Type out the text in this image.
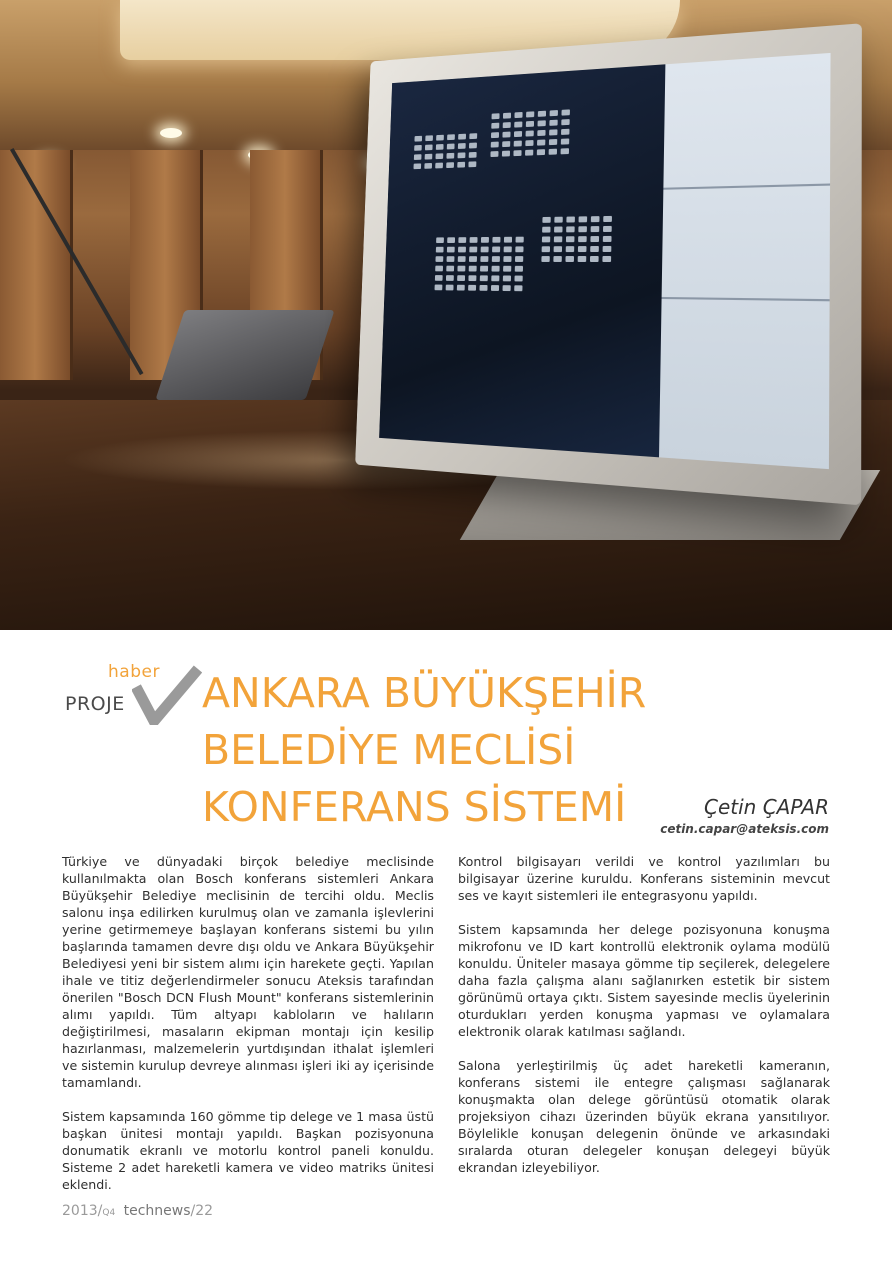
haber
PROJE ANKARA BÜYÜKŞEHİR
BELEDİYE MECLİSİ
KONFERANS SİSTEMİ	Çetin ÇAPAR
cetin.capar@ateksis.com

Türkiye ve dünyadaki birçok belediye meclisinde kullanılmakta olan Bosch konferans sistemleri Ankara Büyükşehir Belediye meclisinin de tercihi oldu. Meclis salonu inşa edilirken kurulmuş olan ve zamanla işlevlerini yerine getirmemeye başlayan konferans sistemi bu yılın başlarında tamamen devre dışı oldu ve Ankara Büyükşehir Belediyesi yeni bir sistem alımı için harekete geçti. Yapılan ihale ve titiz değerlendirmeler sonucu Ateksis tarafından önerilen "Bosch DCN Flush Mount" konferans sistemlerinin alımı yapıldı. Tüm altyapı kabloların ve halıların değiştirilmesi, masaların ekipman montajı için kesilip hazırlanması, malzemelerin yurtdışından ithalat işlemleri ve sistemin kurulup devreye alınması işleri iki ay içerisinde tamamlandı.

Sistem kapsamında 160 gömme tip delege ve 1 masa üstü başkan ünitesi montajı yapıldı. Başkan pozisyonuna donumatik ekranlı ve motorlu kontrol paneli konuldu. Sisteme 2 adet hareketli kamera ve video matriks ünitesi eklendi.

Kontrol bilgisayarı verildi ve kontrol yazılımları bu bilgisayar üzerine kuruldu. Konferans sisteminin mevcut ses ve kayıt sistemleri ile entegrasyonu yapıldı.

Sistem kapsamında her delege pozisyonuna konuşma mikrofonu ve ID kart kontrollü elektronik oylama modülü konuldu. Üniteler masaya gömme tip seçilerek, delegelere daha fazla çalışma alanı sağlanırken estetik bir sistem görünümü ortaya çıktı. Sistem sayesinde meclis üyelerinin oturdukları yerden konuşma yapması ve oylamalara elektronik olarak katılması sağlandı.

Salona yerleştirilmiş üç adet hareketli kameranın, konferans sistemi ile entegre çalışması sağlanarak konuşmakta olan delege görüntüsü otomatik olarak projeksiyon cihazı üzerinden büyük ekrana yansıtılıyor. Böylelikle konuşan delegenin önünde ve arkasındaki sıralarda oturan delegeler konuşan delegeyi büyük ekrandan izleyebiliyor.

2013/Q4 technews/22
